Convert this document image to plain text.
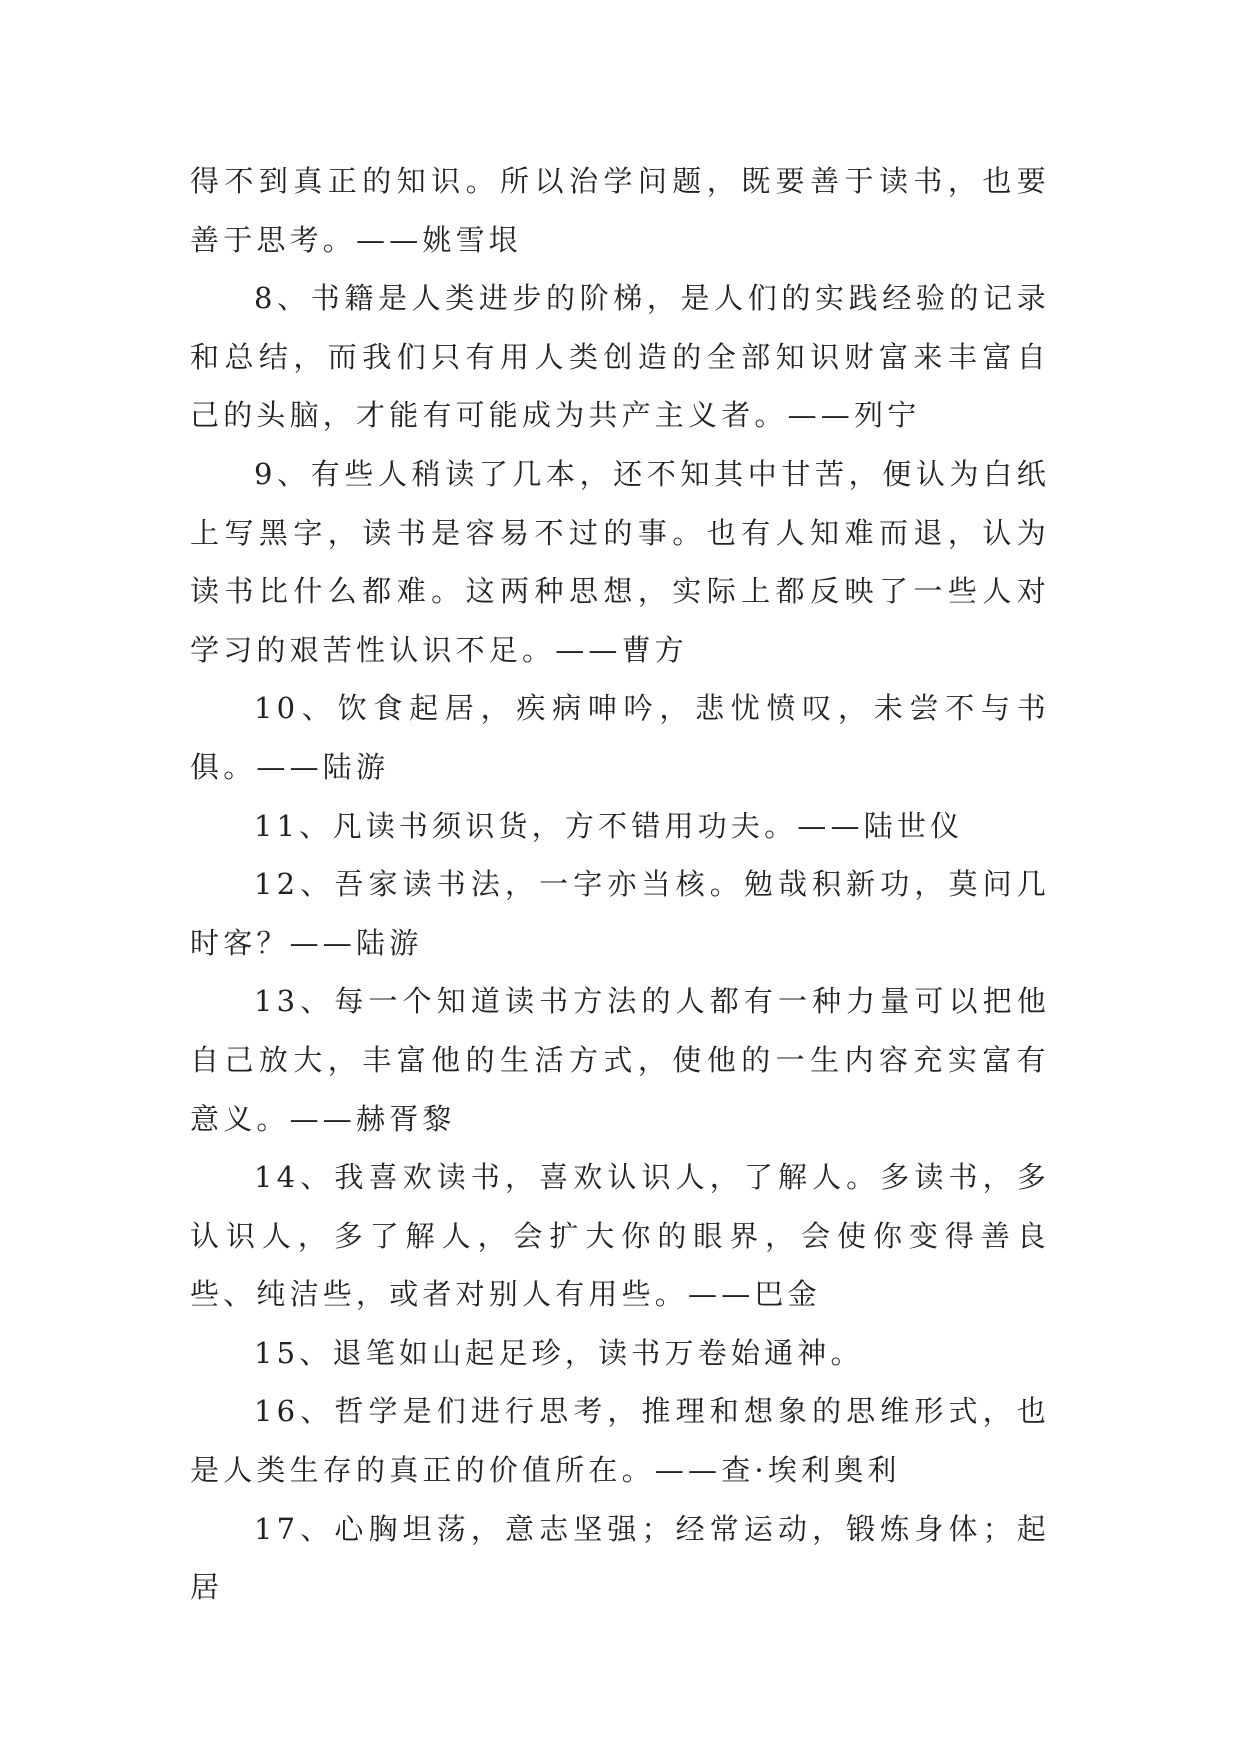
得不到真正的知识。所以治学问题，既要善于读书，也要善于思考。——姚雪垠

8、书籍是人类进步的阶梯，是人们的实践经验的记录和总结，而我们只有用人类创造的全部知识财富来丰富自己的头脑，才能有可能成为共产主义者。——列宁

9、有些人稍读了几本，还不知其中甘苦，便认为白纸上写黑字，读书是容易不过的事。也有人知难而退，认为读书比什么都难。这两种思想，实际上都反映了一些人对学习的艰苦性认识不足。——曹方

10、饮食起居，疾病呻吟，悲忧愤叹，未尝不与书俱。——陆游

11、凡读书须识货，方不错用功夫。——陆世仪

12、吾家读书法，一字亦当核。勉哉积新功，莫问几时客？——陆游

13、每一个知道读书方法的人都有一种力量可以把他自己放大，丰富他的生活方式，使他的一生内容充实富有意义。——赫胥黎

14、我喜欢读书，喜欢认识人，了解人。多读书，多认识人，多了解人，会扩大你的眼界，会使你变得善良些、纯洁些，或者对别人有用些。——巴金

15、退笔如山起足珍，读书万卷始通神。

16、哲学是们进行思考，推理和想象的思维形式，也是人类生存的真正的价值所在。——查·埃利奥利

17、心胸坦荡，意志坚强；经常运动，锻炼身体；起居
